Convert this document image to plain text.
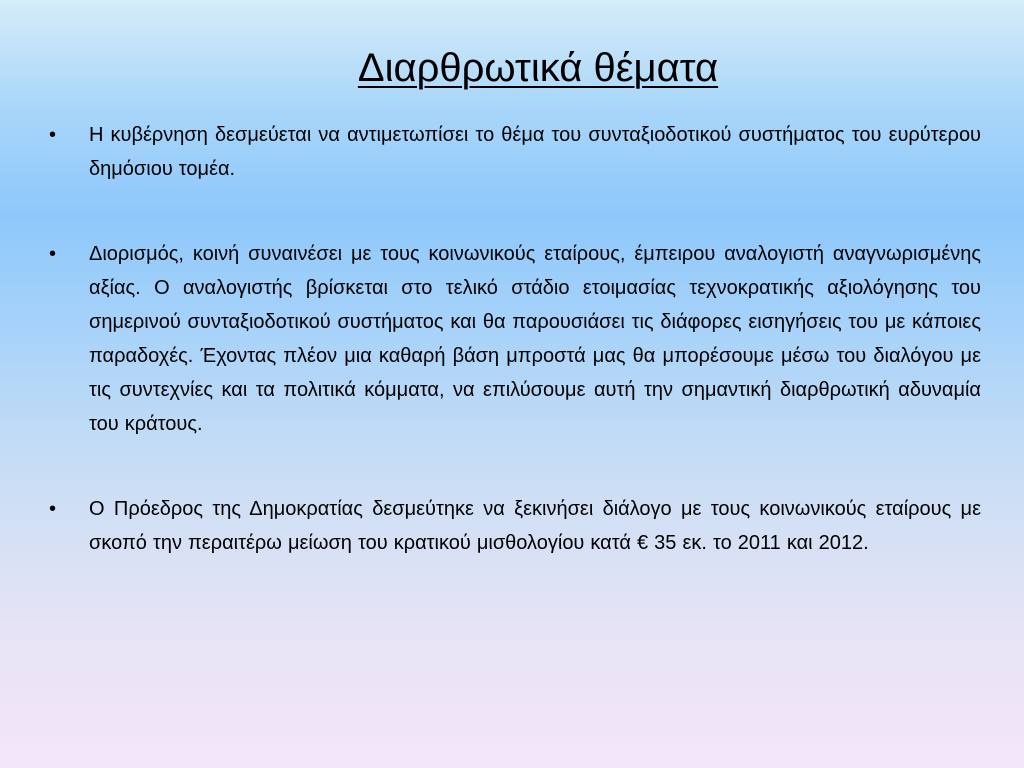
Διαρθρωτικά θέματα
• Η κυβέρνηση δεσμεύεται να αντιμετωπίσει το θέμα του συνταξιοδοτικού συστήματος του ευρύτερου δημόσιου τομέα.

• Διορισμός, κοινή συναινέσει με τους κοινωνικούς εταίρους, έμπειρου αναλογιστή αναγνωρισμένης αξίας. Ο αναλογιστής βρίσκεται στο τελικό στάδιο ετοιμασίας τεχνοκρατικής αξιολόγησης του σημερινού συνταξιοδοτικού συστήματος και θα παρουσιάσει τις διάφορες εισηγήσεις του με κάποιες παραδοχές. Έχοντας πλέον μια καθαρή βάση μπροστά μας θα μπορέσουμε μέσω του διαλόγου με τις συντεχνίες και τα πολιτικά κόμματα, να επιλύσουμε αυτή την σημαντική διαρθρωτική αδυναμία του κράτους.

• Ο Πρόεδρος της Δημοκρατίας δεσμεύτηκε να ξεκινήσει διάλογο με τους κοινωνικούς εταίρους με σκοπό την περαιτέρω μείωση του κρατικού μισθολογίου κατά € 35 εκ. το 2011 και 2012.
